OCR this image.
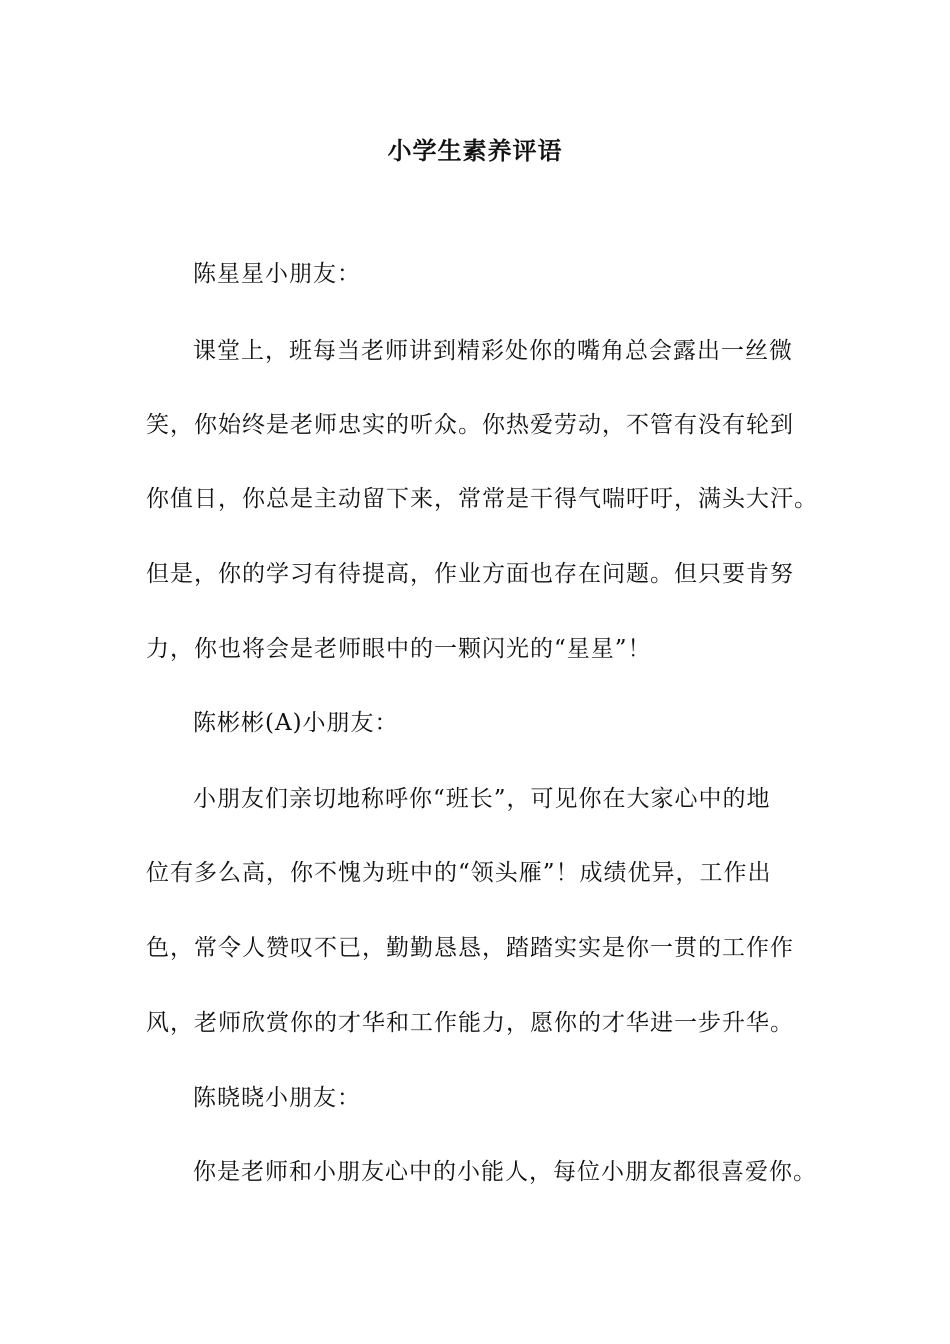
小学生素养评语
陈星星小朋友：
课堂上，班每当老师讲到精彩处你的嘴角总会露出一丝微
笑，你始终是老师忠实的听众。你热爱劳动，不管有没有轮到
你值日，你总是主动留下来，常常是干得气喘吁吁，满头大汗。
但是，你的学习有待提高，作业方面也存在问题。但只要肯努
力，你也将会是老师眼中的一颗闪光的“星星”！
陈彬彬(A)小朋友：
小朋友们亲切地称呼你“班长”，可见你在大家心中的地
位有多么高，你不愧为班中的“领头雁”！成绩优异，工作出
色，常令人赞叹不已，勤勤恳恳，踏踏实实是你一贯的工作作
风，老师欣赏你的才华和工作能力，愿你的才华进一步升华。
陈晓晓小朋友：
你是老师和小朋友心中的小能人，每位小朋友都很喜爱你。
